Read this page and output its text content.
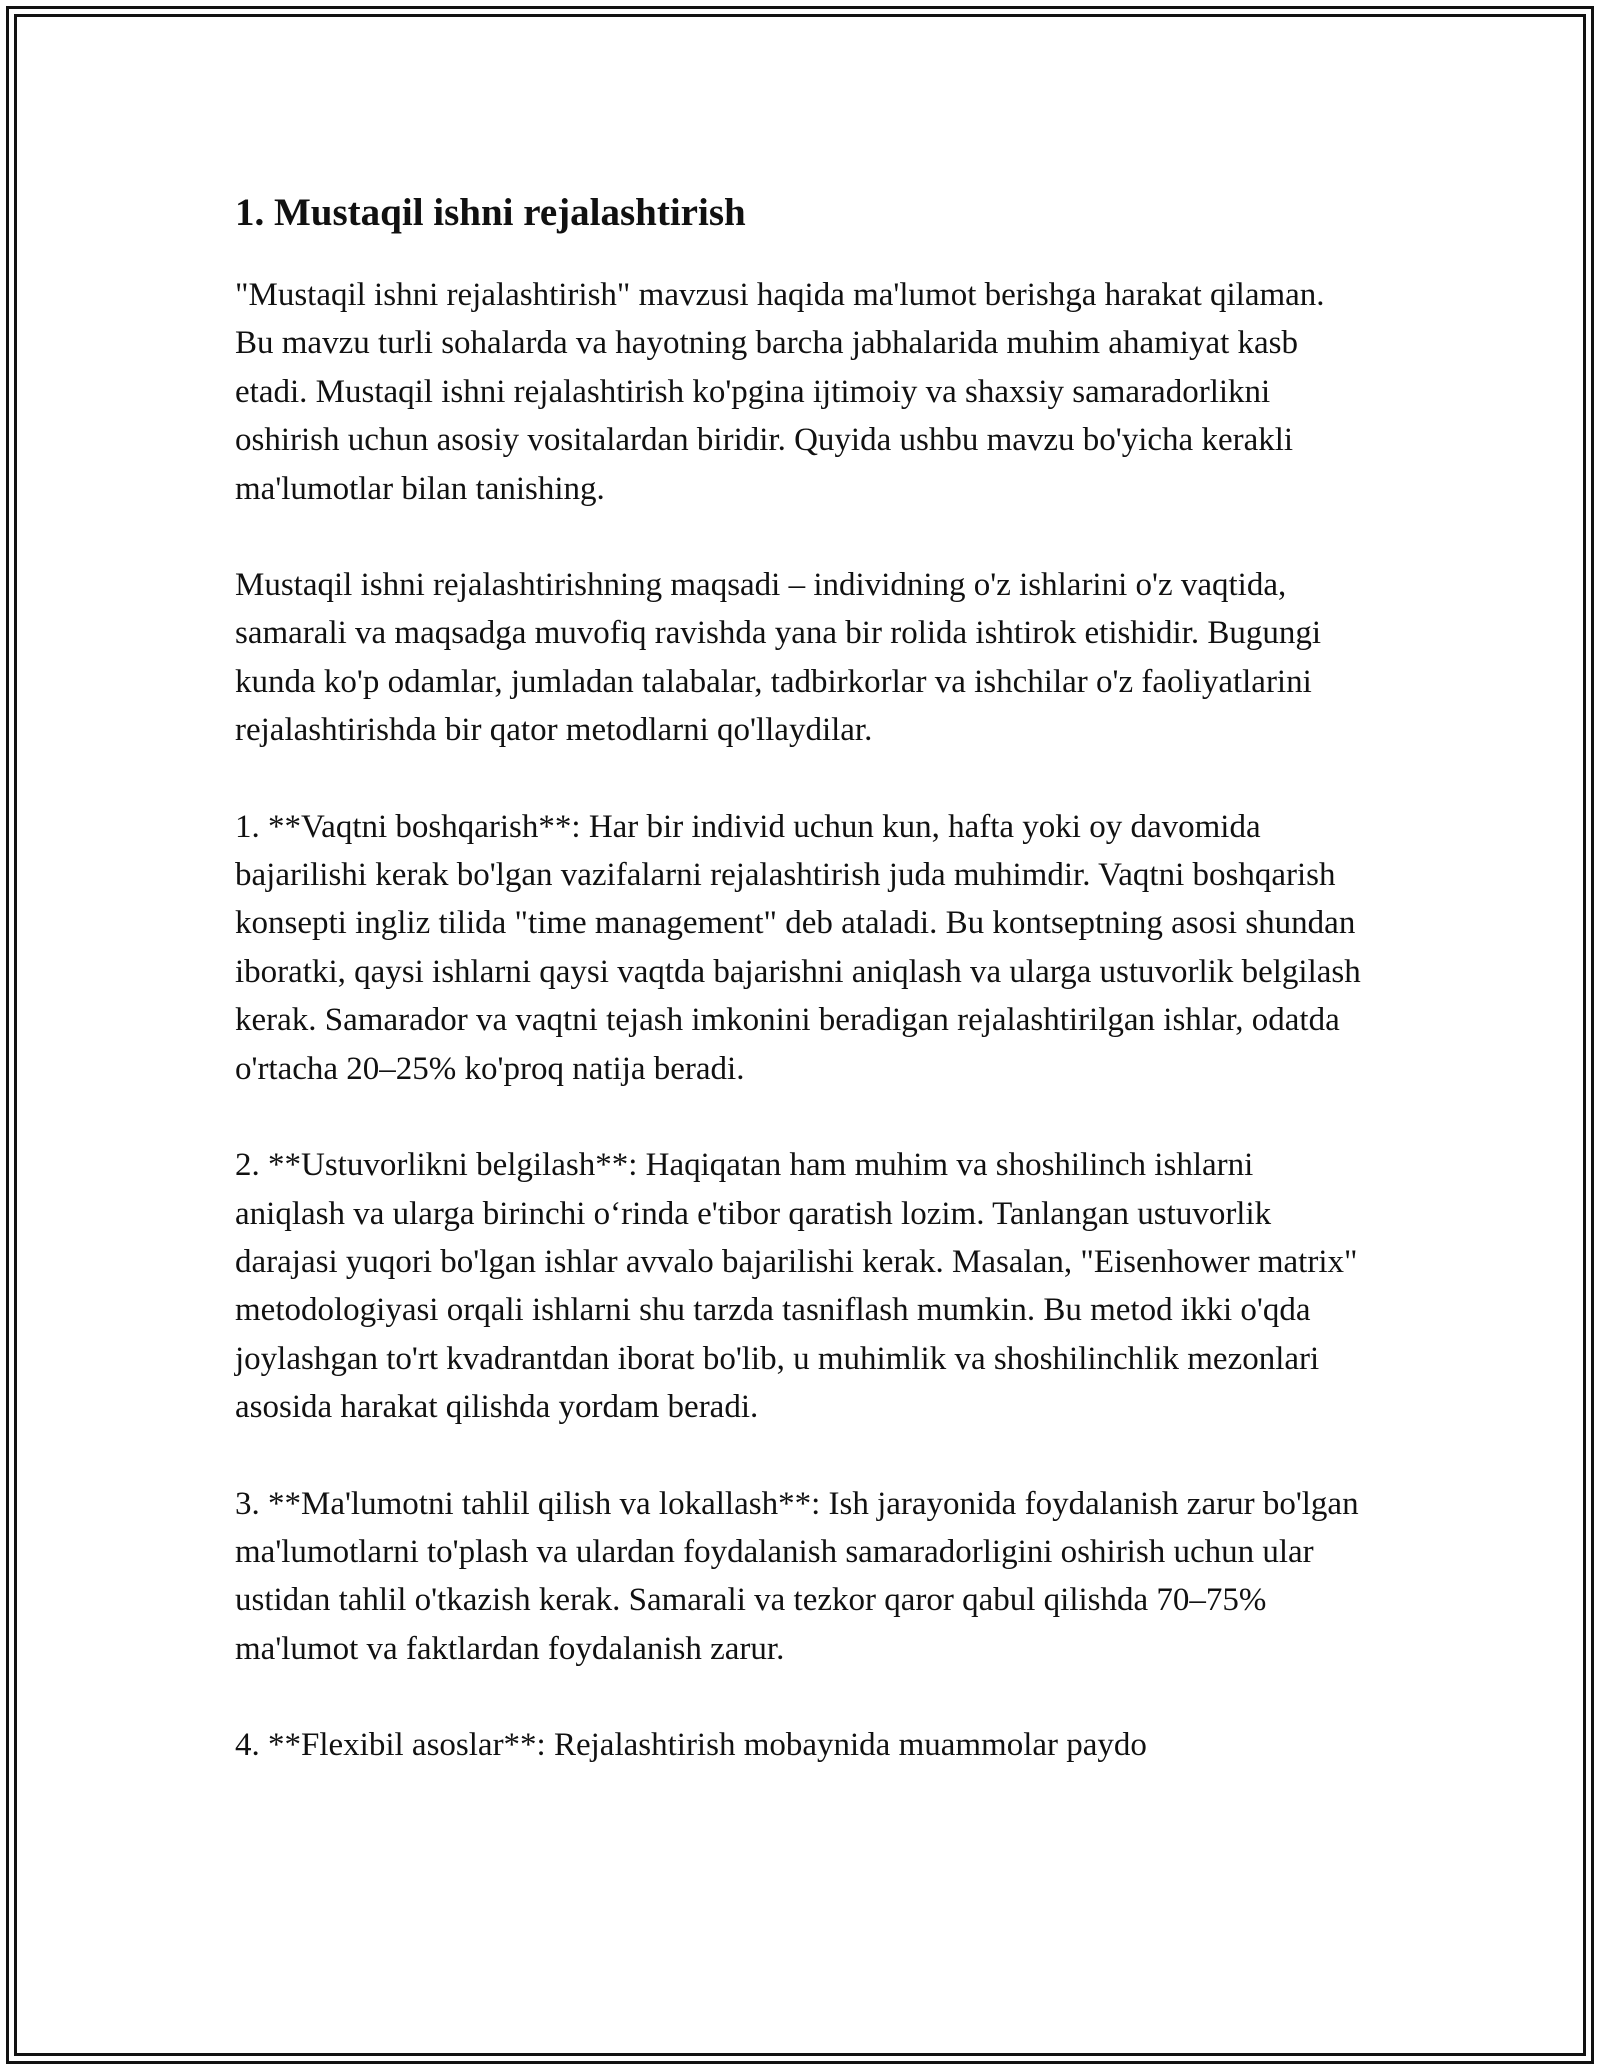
1. Mustaqil ishni rejalashtirish

"Mustaqil ishni rejalashtirish" mavzusi haqida ma'lumot berishga harakat qilaman. Bu mavzu turli sohalarda va hayotning barcha jabhalarida muhim ahamiyat kasb etadi. Mustaqil ishni rejalashtirish ko'pgina ijtimoiy va shaxsiy samaradorlikni oshirish uchun asosiy vositalardan biridir. Quyida ushbu mavzu bo'yicha kerakli ma'lumotlar bilan tanishing.

Mustaqil ishni rejalashtirishning maqsadi – individning o'z ishlarini o'z vaqtida, samarali va maqsadga muvofiq ravishda yana bir rolida ishtirok etishidir. Bugungi kunda ko'p odamlar, jumladan talabalar, tadbirkorlar va ishchilar o'z faoliyatlarini rejalashtirishda bir qator metodlarni qo'llaydilar.

1. **Vaqtni boshqarish**: Har bir individ uchun kun, hafta yoki oy davomida bajarilishi kerak bo'lgan vazifalarni rejalashtirish juda muhimdir. Vaqtni boshqarish konsepti ingliz tilida "time management" deb ataladi. Bu kontseptning asosi shundan iboratki, qaysi ishlarni qaysi vaqtda bajarishni aniqlash va ularga ustuvorlik belgilash kerak. Samarador va vaqtni tejash imkonini beradigan rejalashtirilgan ishlar, odatda o'rtacha 20–25% ko'proq natija beradi.

2. **Ustuvorlikni belgilash**: Haqiqatan ham muhim va shoshilinch ishlarni aniqlash va ularga birinchi o‘rinda e'tibor qaratish lozim. Tanlangan ustuvorlik darajasi yuqori bo'lgan ishlar avvalo bajarilishi kerak. Masalan, "Eisenhower matrix" metodologiyasi orqali ishlarni shu tarzda tasniflash mumkin. Bu metod ikki o'qda joylashgan to'rt kvadrantdan iborat bo'lib, u muhimlik va shoshilinchlik mezonlari asosida harakat qilishda yordam beradi.

3. **Ma'lumotni tahlil qilish va lokallash**: Ish jarayonida foydalanish zarur bo'lgan ma'lumotlarni to'plash va ulardan foydalanish samaradorligini oshirish uchun ular ustidan tahlil o'tkazish kerak. Samarali va tezkor qaror qabul qilishda 70–75% ma'lumot va faktlardan foydalanish zarur.

4. **Flexibil asoslar**: Rejalashtirish mobaynida muammolar paydo
